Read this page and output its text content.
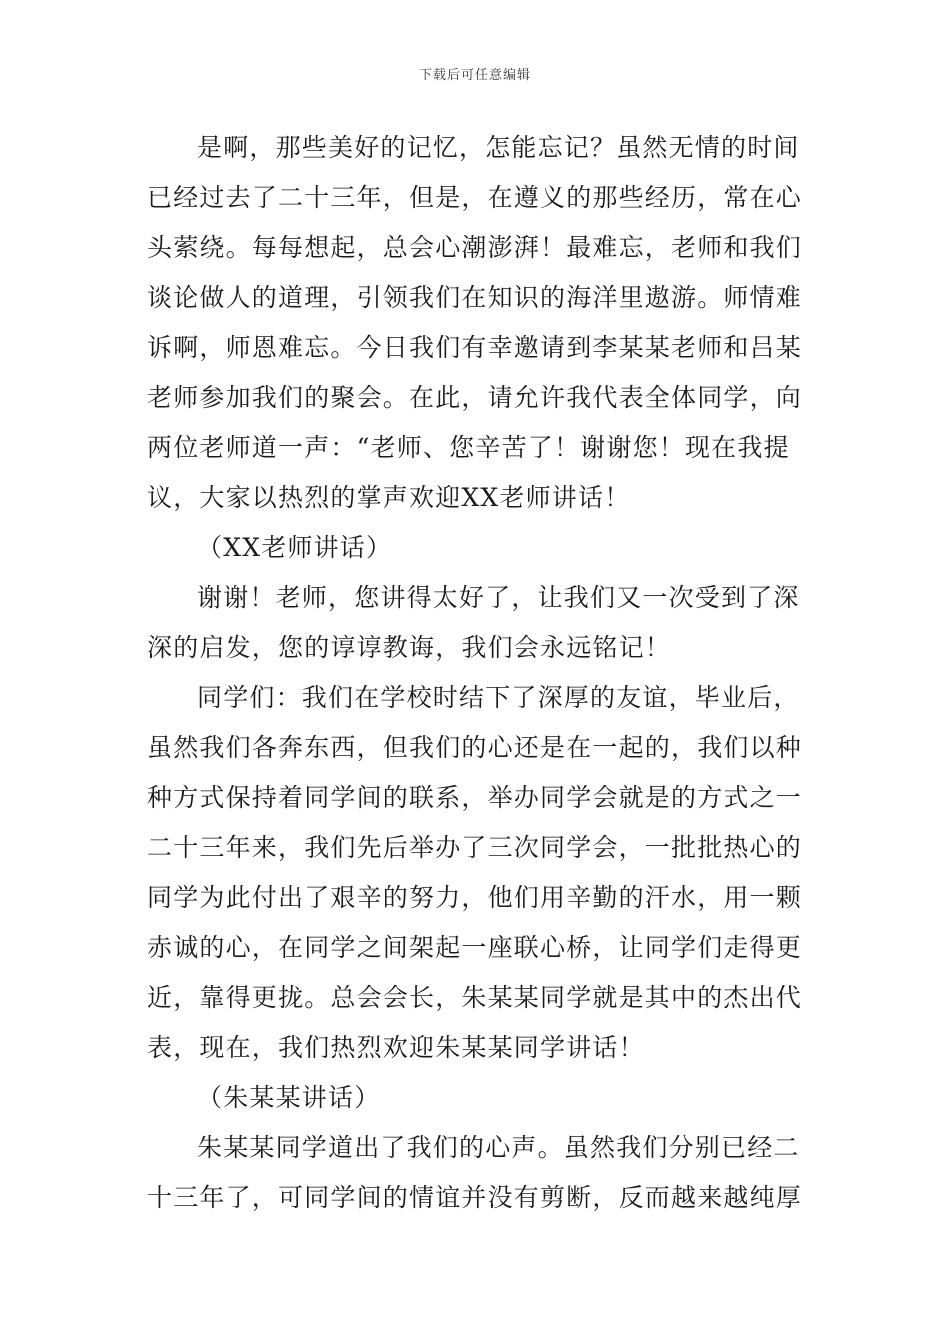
下载后可任意编辑
是啊，那些美好的记忆，怎能忘记？虽然无情的时间
已经过去了二十三年，但是，在遵义的那些经历，常在心
头萦绕。每每想起，总会心潮澎湃！最难忘，老师和我们
谈论做人的道理，引领我们在知识的海洋里遨游。师情难
诉啊，师恩难忘。今日我们有幸邀请到李某某老师和吕某
老师参加我们的聚会。在此，请允许我代表全体同学，向
两位老师道一声：“老师、您辛苦了！谢谢您！现在我提
议，大家以热烈的掌声欢迎XX老师讲话！
（XX老师讲话）
谢谢！老师，您讲得太好了，让我们又一次受到了深
深的启发，您的谆谆教诲，我们会永远铭记！
同学们：我们在学校时结下了深厚的友谊，毕业后，
虽然我们各奔东西，但我们的心还是在一起的，我们以种
种方式保持着同学间的联系，举办同学会就是的方式之一
二十三年来，我们先后举办了三次同学会，一批批热心的
同学为此付出了艰辛的努力，他们用辛勤的汗水，用一颗
赤诚的心，在同学之间架起一座联心桥，让同学们走得更
近，靠得更拢。总会会长，朱某某同学就是其中的杰出代
表，现在，我们热烈欢迎朱某某同学讲话！
（朱某某讲话）
朱某某同学道出了我们的心声。虽然我们分别已经二
十三年了，可同学间的情谊并没有剪断，反而越来越纯厚
